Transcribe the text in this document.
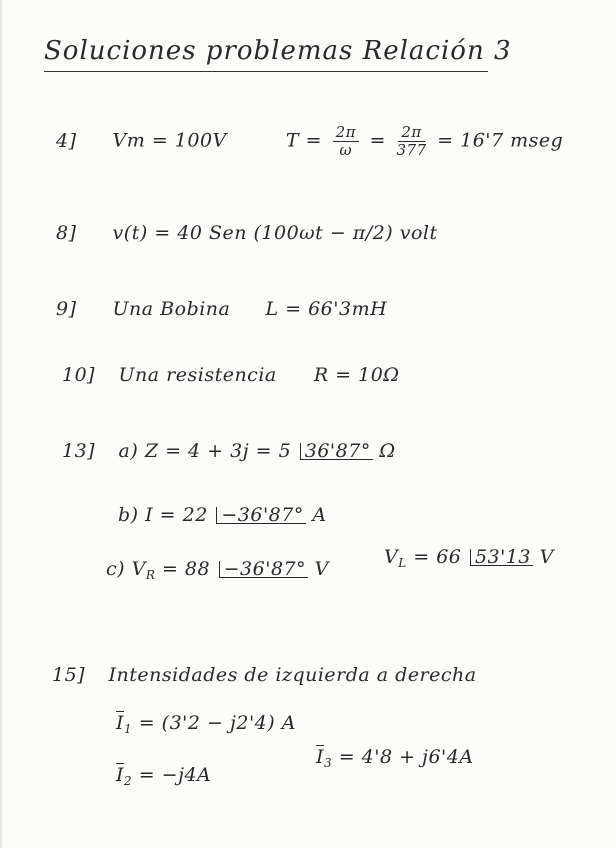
Soluciones problemas Relación 3
4] Vm = 100V	$T = \frac{2\pi}{\omega} = \frac{2\pi}{377} = 16'7$ mseg
8] v(t) = 40 Sen (100ωt − π/2) volt
9] Una Bobina L = 66'3mH
10] Una resistencia R = 10Ω
13] a) Z = 4 + 3j = 5 36'87° Ω
b) I = 22 −36'87° A
c) $V_R = 88 -36'87^\circ$ V
$V_L = 66$ 53'13 V
15] Intensidades de izquierda a derecha
$\overline{I}_1 = (3'2 - j2'4)$ A
$\overline{I}_2 = -j4A$
$\overline{I}_3 = 4'8 + j6'4A$
